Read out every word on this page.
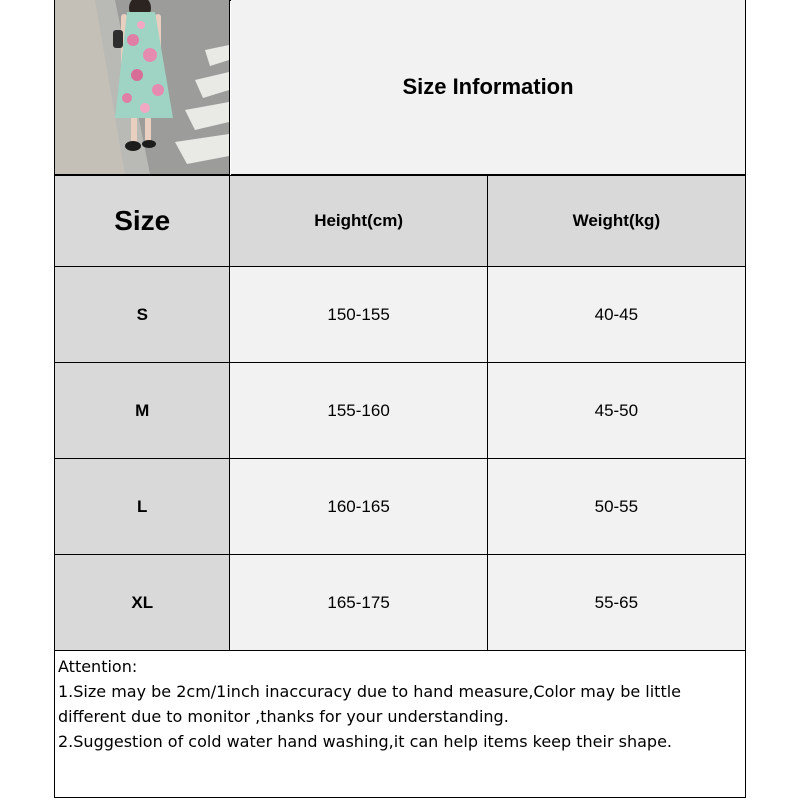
Size Information
Size	Height(cm)	Weight(kg)
S	150-155	40-45
M	155-160	45-50
L	160-165	50-55
XL	165-175	55-65

Attention:

1.Size may be 2cm/1inch inaccuracy due to hand measure,Color may be little different due to monitor ,thanks for your understanding.

2.Suggestion of cold water hand washing,it can help items keep their shape.
